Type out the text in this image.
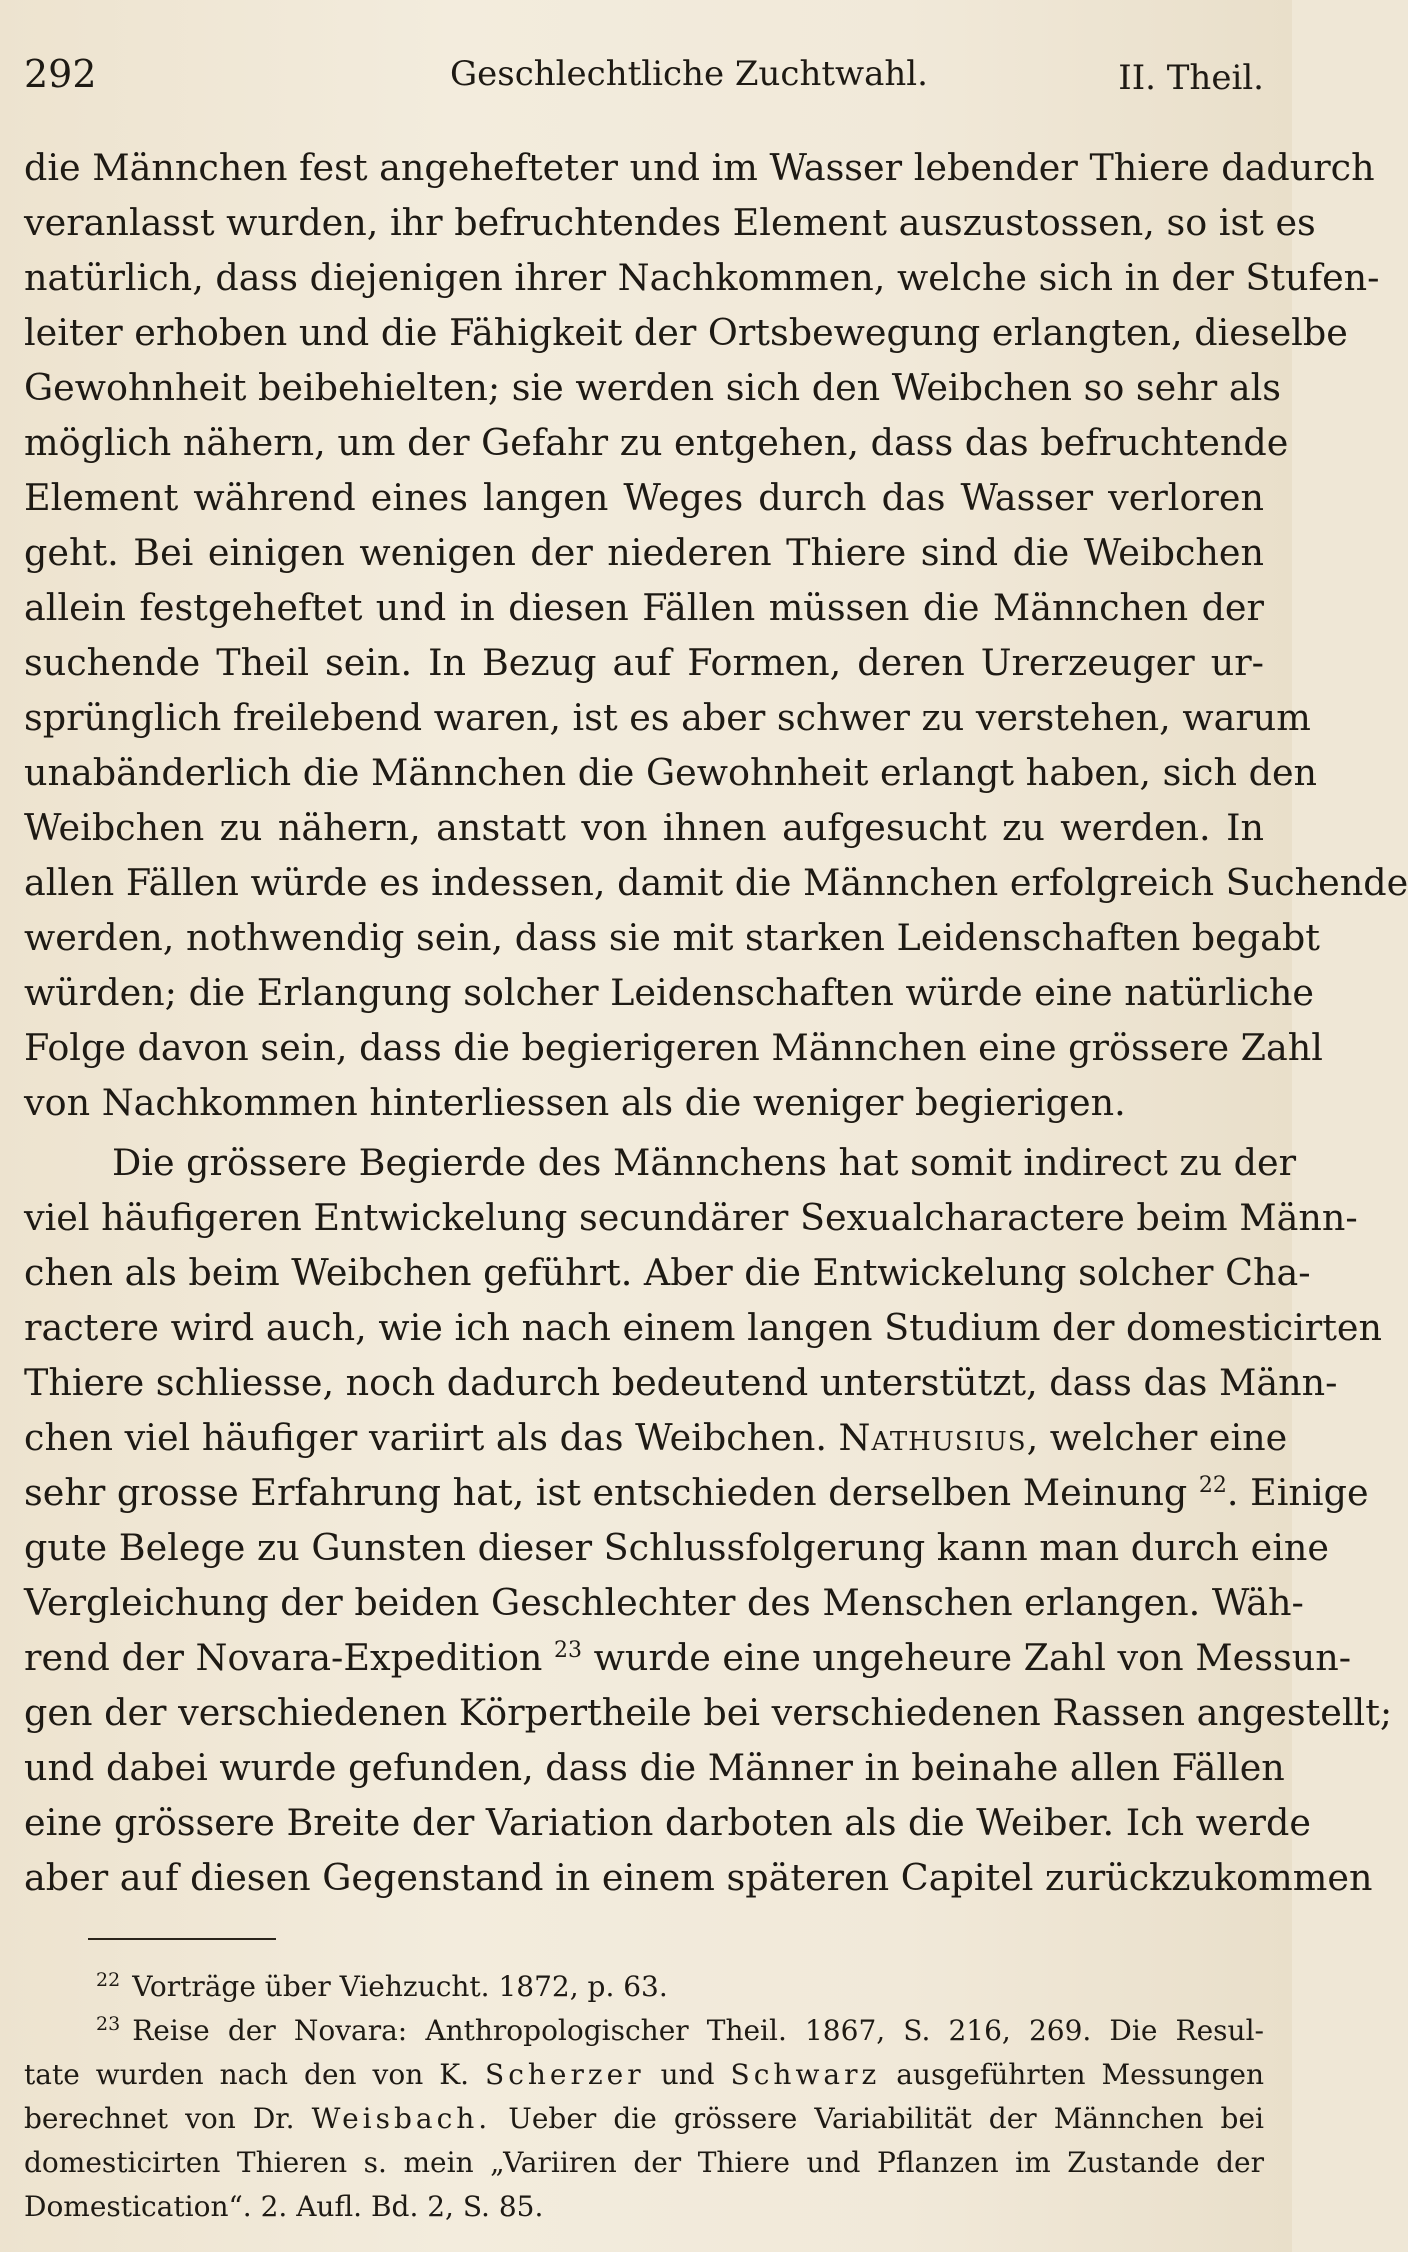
292	Geschlechtliche Zuchtwahl.	II. Theil.
die Männchen fest angehefteter und im Wasser lebender Thiere dadurch
veranlasst wurden, ihr befruchtendes Element auszustossen, so ist es
natürlich, dass diejenigen ihrer Nachkommen, welche sich in der Stufen-
leiter erhoben und die Fähigkeit der Ortsbewegung erlangten, dieselbe
Gewohnheit beibehielten; sie werden sich den Weibchen so sehr als
möglich nähern, um der Gefahr zu entgehen, dass das befruchtende
Element während eines langen Weges durch das Wasser verloren
geht. Bei einigen wenigen der niederen Thiere sind die Weibchen
allein festgeheftet und in diesen Fällen müssen die Männchen der
suchende Theil sein. In Bezug auf Formen, deren Urerzeuger ur-
sprünglich freilebend waren, ist es aber schwer zu verstehen, warum
unabänderlich die Männchen die Gewohnheit erlangt haben, sich den
Weibchen zu nähern, anstatt von ihnen aufgesucht zu werden. In
allen Fällen würde es indessen, damit die Männchen erfolgreich Suchende
werden, nothwendig sein, dass sie mit starken Leidenschaften begabt
würden; die Erlangung solcher Leidenschaften würde eine natürliche
Folge davon sein, dass die begierigeren Männchen eine grössere Zahl
von Nachkommen hinterliessen als die weniger begierigen.
Die grössere Begierde des Männchens hat somit indirect zu der
viel häufigeren Entwickelung secundärer Sexualcharactere beim Männ-
chen als beim Weibchen geführt. Aber die Entwickelung solcher Cha-
ractere wird auch, wie ich nach einem langen Studium der domesticirten
Thiere schliesse, noch dadurch bedeutend unterstützt, dass das Männ-
chen viel häufiger variirt als das Weibchen. Nathusius, welcher eine
sehr grosse Erfahrung hat, ist entschieden derselben Meinung $^{22}$. Einige
gute Belege zu Gunsten dieser Schlussfolgerung kann man durch eine
Vergleichung der beiden Geschlechter des Menschen erlangen. Wäh-
rend der Novara-Expedition $^{23}$ wurde eine ungeheure Zahl von Messun-
gen der verschiedenen Körpertheile bei verschiedenen Rassen angestellt;
und dabei wurde gefunden, dass die Männer in beinahe allen Fällen
eine grössere Breite der Variation darboten als die Weiber. Ich werde
aber auf diesen Gegenstand in einem späteren Capitel zurückzukommen
$^{22}$ Vorträge über Viehzucht. 1872, p. 63.
$^{23}$ Reise der Novara: Anthropologischer Theil. 1867, S. 216, 269. Die Resul-
tate wurden nach den von K. Scherzer und Schwarz ausgeführten Messungen
berechnet von Dr. Weisbach. Ueber die grössere Variabilität der Männchen bei
domesticirten Thieren s. mein „Variiren der Thiere und Pflanzen im Zustande der
Domestication“. 2. Aufl. Bd. 2, S. 85.
